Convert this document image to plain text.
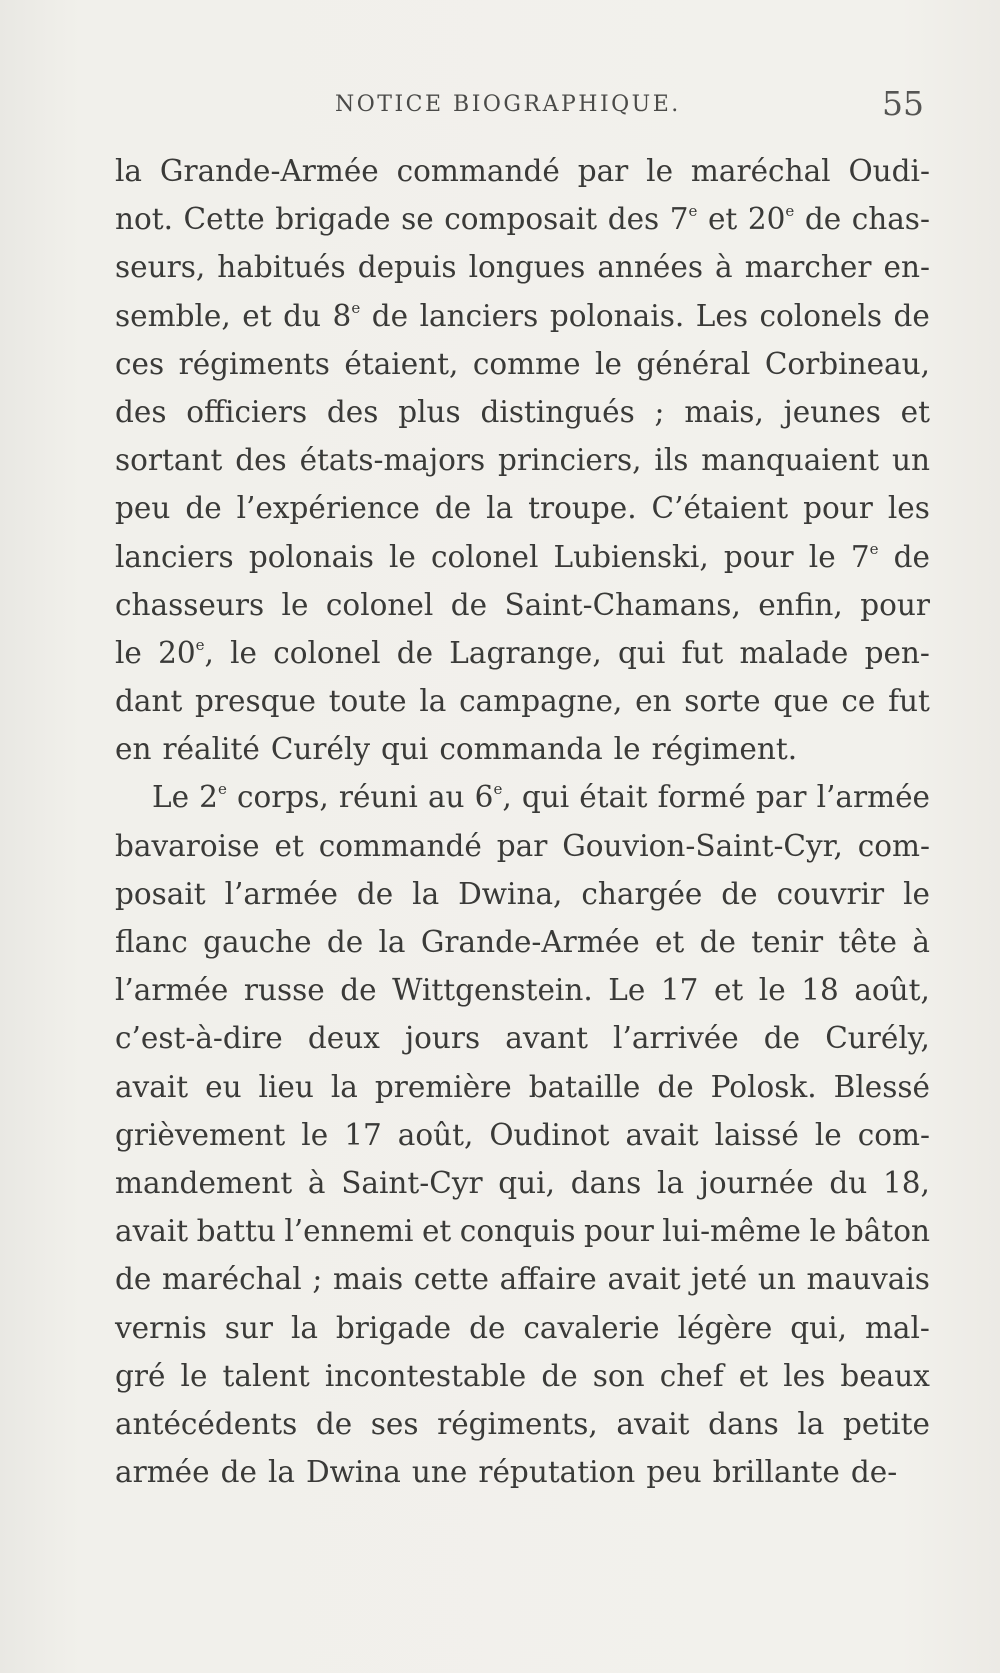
NOTICE BIOGRAPHIQUE.	55
la Grande-Armée commandé par le maréchal Oudi-
not. Cette brigade se composait des 7e et 20e de chas-
seurs, habitués depuis longues années à marcher en-
semble, et du 8e de lanciers polonais. Les colonels de
ces régiments étaient, comme le général Corbineau,
des officiers des plus distingués ; mais, jeunes et
sortant des états-majors princiers, ils manquaient un
peu de l’expérience de la troupe. C’étaient pour les
lanciers polonais le colonel Lubienski, pour le 7e de
chasseurs le colonel de Saint-Chamans, enfin, pour
le 20e, le colonel de Lagrange, qui fut malade pen-
dant presque toute la campagne, en sorte que ce fut
en réalité Curély qui commanda le régiment.
Le 2e corps, réuni au 6e, qui était formé par l’armée
bavaroise et commandé par Gouvion-Saint-Cyr, com-
posait l’armée de la Dwina, chargée de couvrir le
flanc gauche de la Grande-Armée et de tenir tête à
l’armée russe de Wittgenstein. Le 17 et le 18 août,
c’est-à-dire deux jours avant l’arrivée de Curély,
avait eu lieu la première bataille de Polosk. Blessé
grièvement le 17 août, Oudinot avait laissé le com-
mandement à Saint-Cyr qui, dans la journée du 18,
avait battu l’ennemi et conquis pour lui-même le bâton
de maréchal ; mais cette affaire avait jeté un mauvais
vernis sur la brigade de cavalerie légère qui, mal-
gré le talent incontestable de son chef et les beaux
antécédents de ses régiments, avait dans la petite
armée de la Dwina une réputation peu brillante de-
